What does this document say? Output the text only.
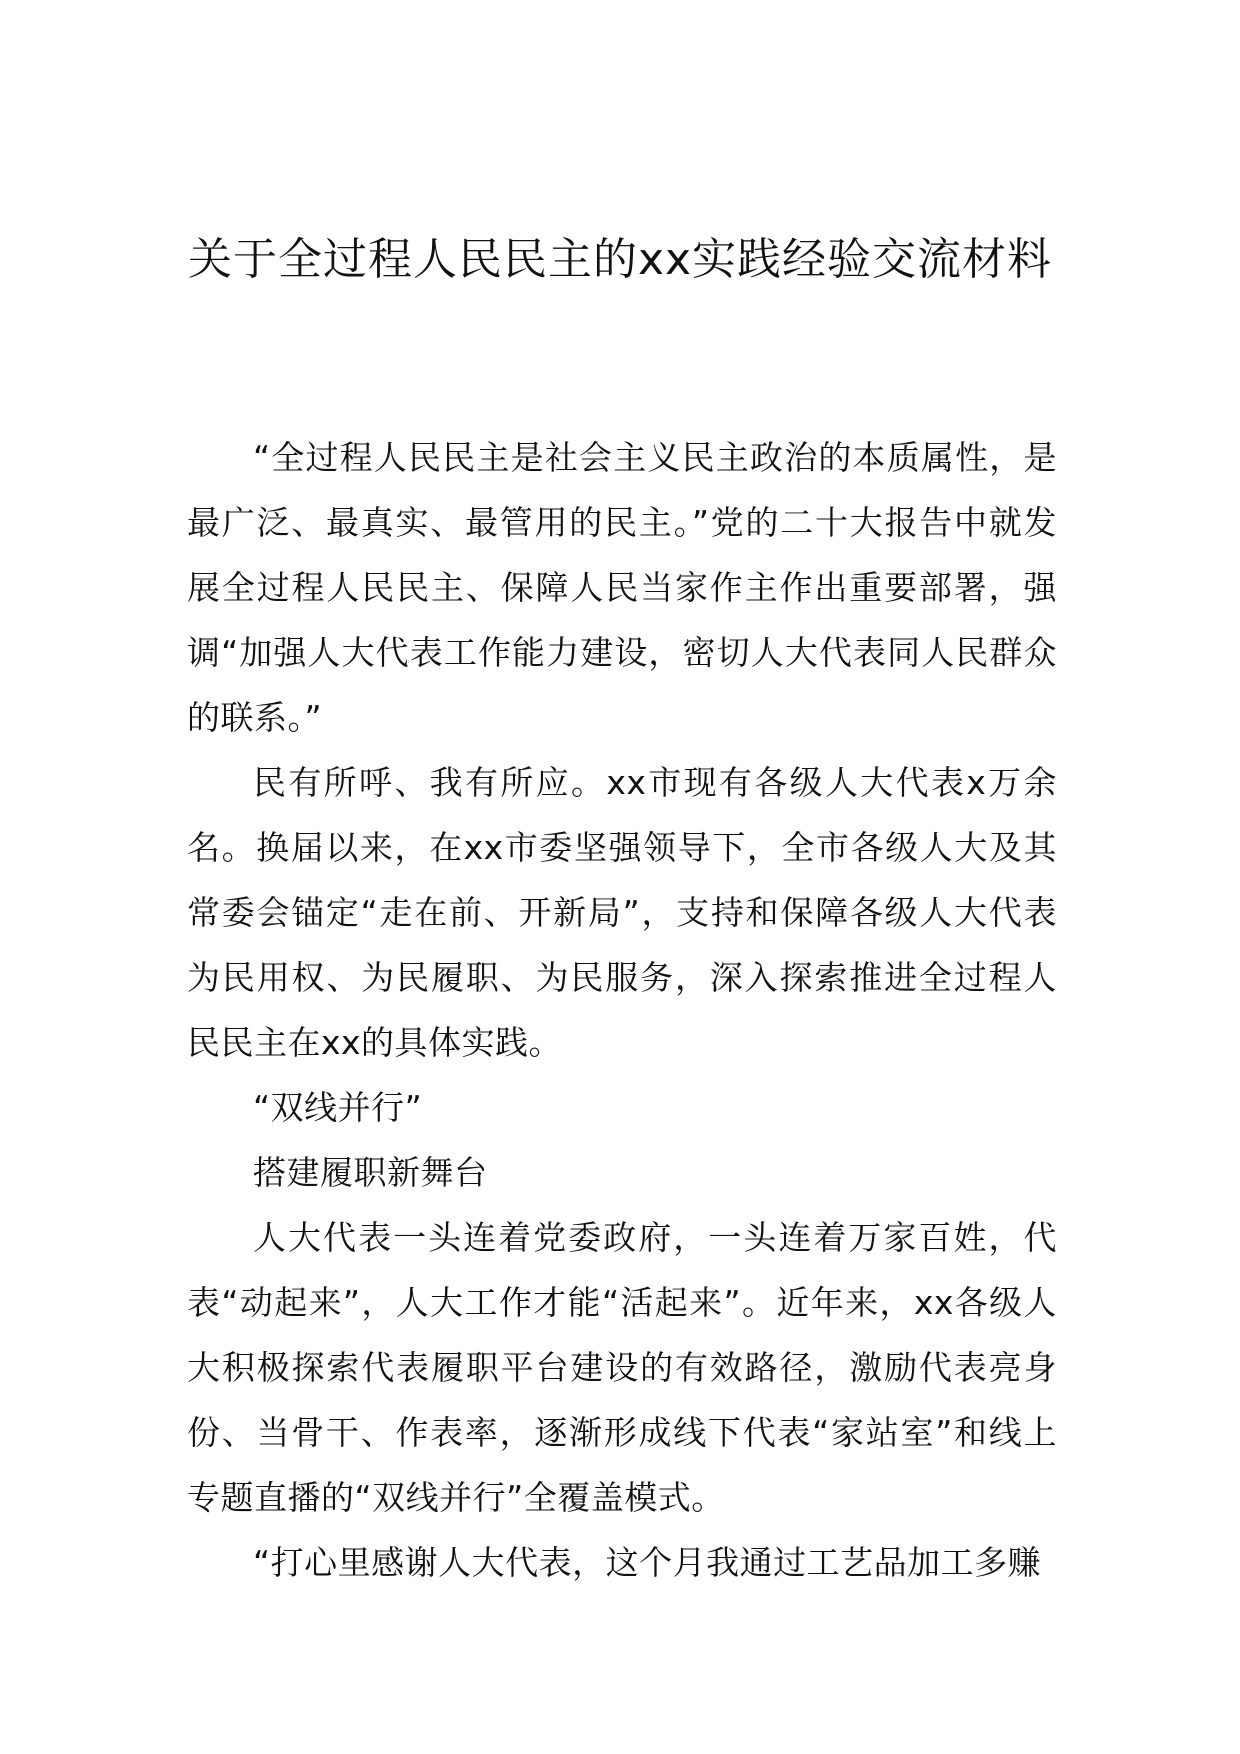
关于全过程人民民主的xx实践经验交流材料

“全过程人民民主是社会主义民主政治的本质属性，是最广泛、最真实、最管用的民主。”党的二十大报告中就发展全过程人民民主、保障人民当家作主作出重要部署，强调“加强人大代表工作能力建设，密切人大代表同人民群众的联系。”

民有所呼、我有所应。xx市现有各级人大代表x万余名。换届以来，在xx市委坚强领导下，全市各级人大及其常委会锚定“走在前、开新局”，支持和保障各级人大代表为民用权、为民履职、为民服务，深入探索推进全过程人民民主在xx的具体实践。

“双线并行”

搭建履职新舞台

人大代表一头连着党委政府，一头连着万家百姓，代表“动起来”，人大工作才能“活起来”。近年来，xx各级人大积极探索代表履职平台建设的有效路径，激励代表亮身份、当骨干、作表率，逐渐形成线下代表“家站室”和线上专题直播的“双线并行”全覆盖模式。

“打心里感谢人大代表，这个月我通过工艺品加工多赚
